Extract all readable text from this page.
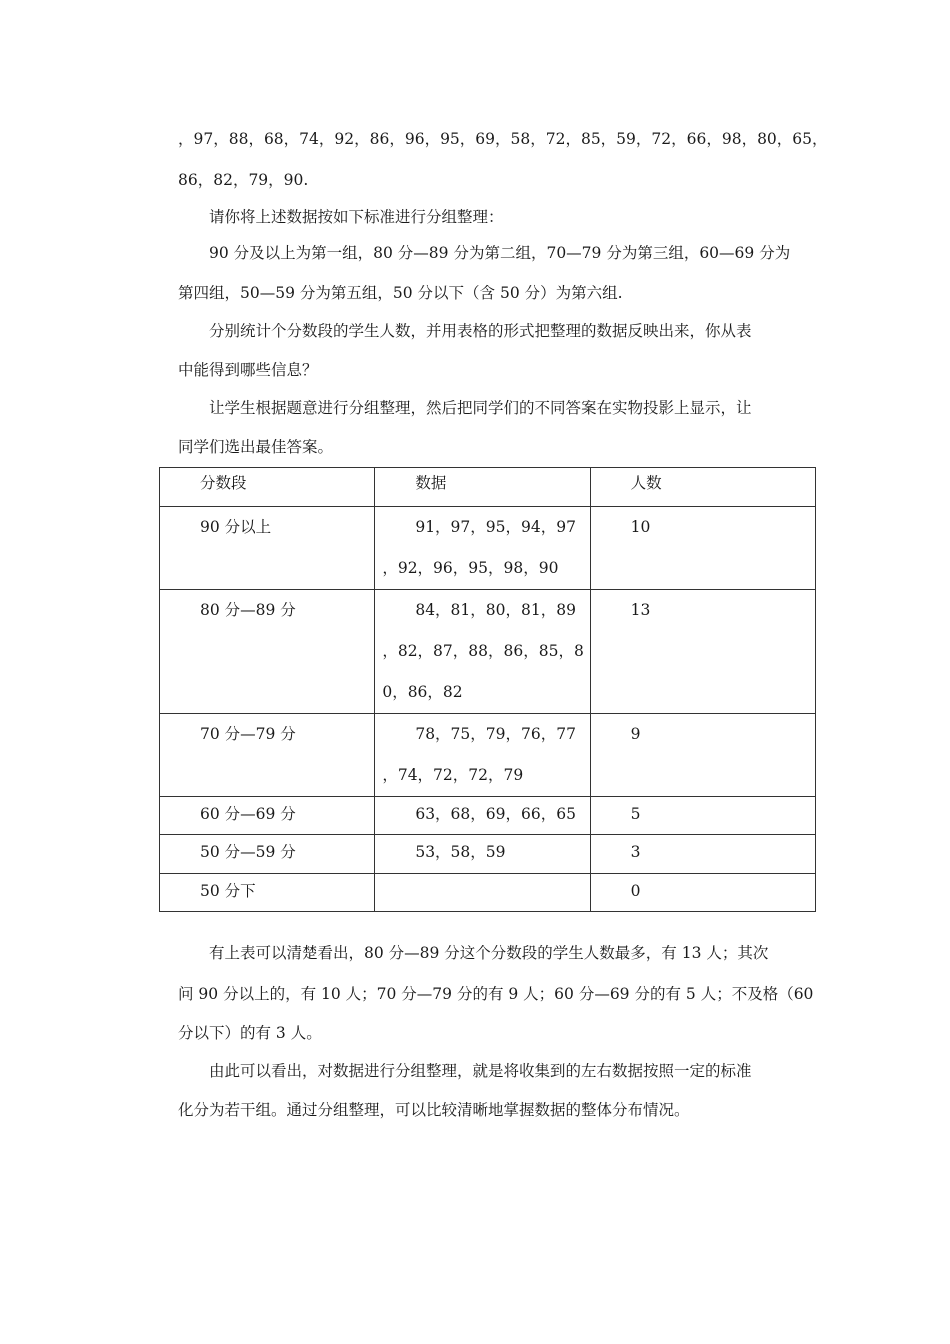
，97，88，68，74，92，86，96，95，69，58，72，85，59，72，66，98，80，65，
86，82，79，90.
请你将上述数据按如下标准进行分组整理：
90 分及以上为第一组，80 分—89 分为第二组，70—79 分为第三组，60—69 分为
第四组，50—59 分为第五组，50 分以下（含 50 分）为第六组.
分别统计个分数段的学生人数，并用表格的形式把整理的数据反映出来，你从表
中能得到哪些信息？
让学生根据题意进行分组整理，然后把同学们的不同答案在实物投影上显示，让
同学们选出最佳答案。
分数段	数据	人数

90 分以上	91，97，95，94，97
，92，96，95，98，90	10

80 分—89 分	84，81，80，81，89
，82，87，88，86，85，8
0，86，82	13

70 分—79 分	78，75，79，76，77
，74，72，72，79	9

60 分—69 分	63，68，69，66，65	5

50 分—59 分	53，58，59	3

50 分下		0
有上表可以清楚看出，80 分—89 分这个分数段的学生人数最多，有 13 人；其次
问 90 分以上的，有 10 人；70 分—79 分的有 9 人；60 分—69 分的有 5 人；不及格（60
分以下）的有 3 人。
由此可以看出，对数据进行分组整理，就是将收集到的左右数据按照一定的标准
化分为若干组。通过分组整理，可以比较清晰地掌握数据的整体分布情况。
